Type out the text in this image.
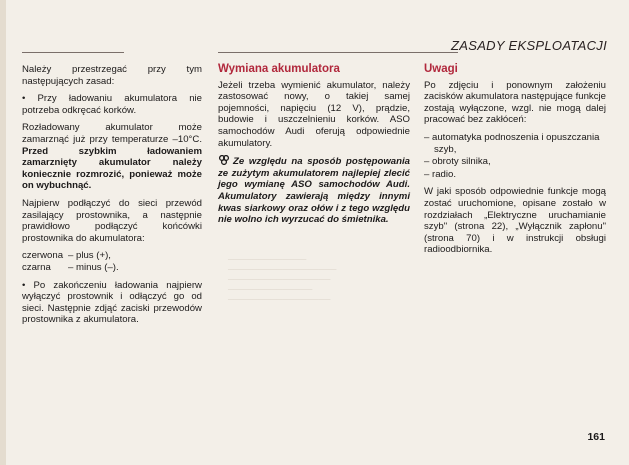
ZASADY EKSPLOATACJI

Należy przestrzegać przy tym następujących zasad:

• Przy ładowaniu akumulatora nie potrzeba odkręcać korków.

Rozładowany akumulator może zamarznąć już przy temperaturze –10°C. Przed szybkim ładowaniem zamarznięty akumulator należy koniecznie rozmrozić, ponieważ może on wybuchnąć.

Najpierw podłączyć do sieci przewód zasilający prostownika, a następnie prawidłowo podłączyć końcówki prostownika do akumulatora:

czerwona – plus (+),
czarna	– minus (–).

• Po zakończeniu ładowania najpierw wyłączyć prostownik i odłączyć go od sieci. Następnie zdjąć zaciski przewodów prostownika z akumulatora.

Wymiana akumulatora

Jeżeli trzeba wymienić akumulator, należy zastosować nowy, o takiej samej pojemności, napięciu (12 V), prądzie, budowie i uszczelnieniu korków. ASO samochodów Audi oferują odpowiednie akumulatory.

Ze względu na sposób postępowania ze zużytym akumulatorem najlepiej zlecić jego wymianę ASO samochodów Audi. Akumulatory zawierają między innymi kwas siarkowy oraz ołów i z tego względu nie wolno ich wyrzucać do śmietnika.

─────────────
──────────────────
─────────────────
──────────────
─────────────────
Uwagi

Po zdjęciu i ponownym założeniu zacisków akumulatora następujące funkcje zostają wyłączone, wzgl. nie mogą dalej pracować bez zakłóceń:

– automatyka podnoszenia i opuszczania szyb,
– obroty silnika,
– radio.

W jaki sposób odpowiednie funkcje mogą zostać uruchomione, opisane zostało w rozdziałach „Elektryczne uruchamianie szyb" (strona 22), „Wyłącznik zapłonu" (strona 70) i w instrukcji obsługi radioodbiornika.

161
